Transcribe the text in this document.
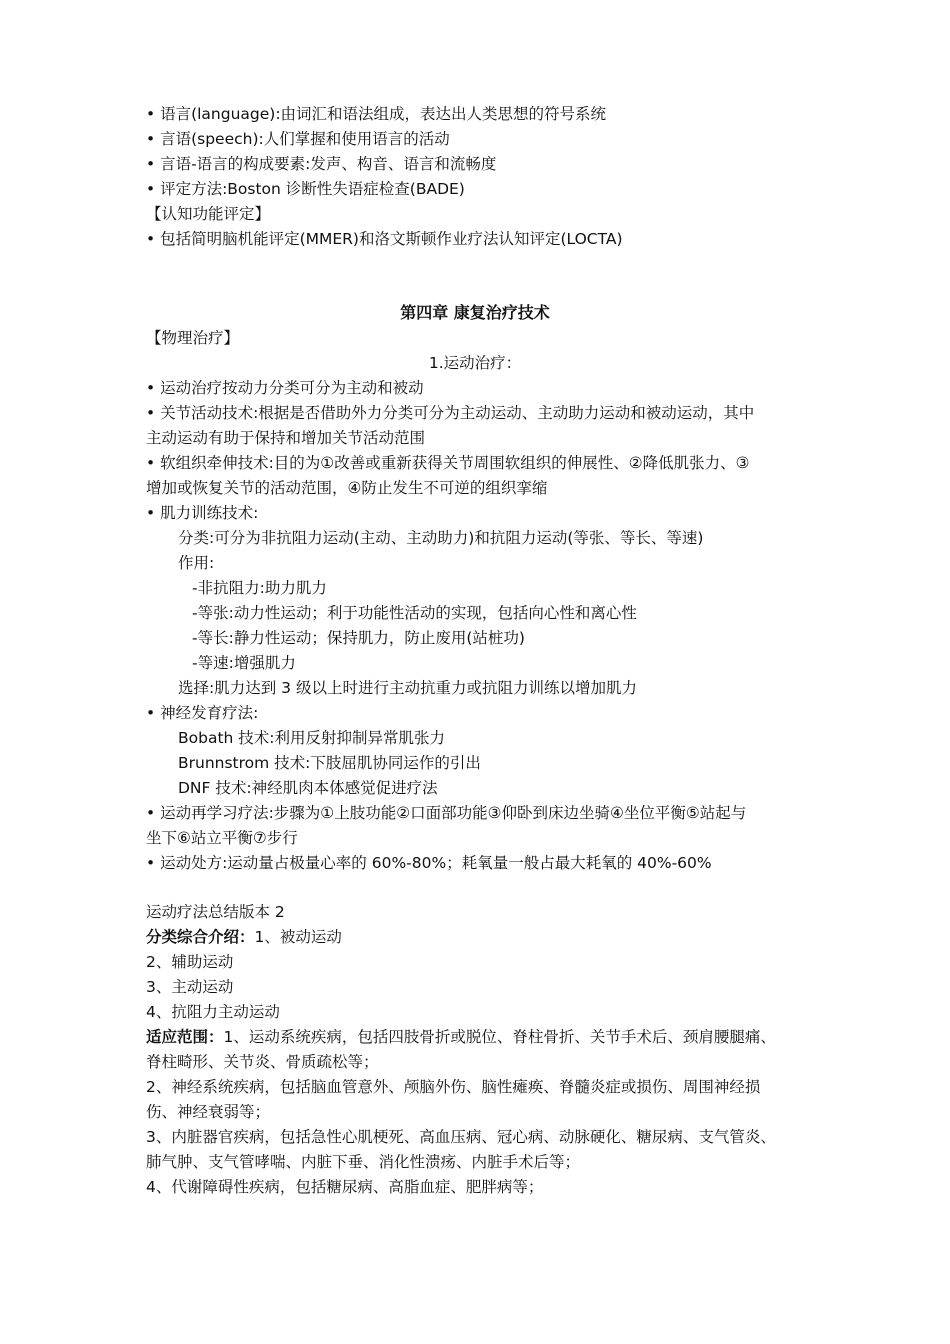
• 语言(language):由词汇和语法组成，表达出人类思想的符号系统
• 言语(speech):人们掌握和使用语言的活动
• 言语-语言的构成要素:发声、构音、语言和流畅度
• 评定方法:Boston 诊断性失语症检查(BADE)
【认知功能评定】
• 包括简明脑机能评定(MMER)和洛文斯顿作业疗法认知评定(LOCTA)
第四章 康复治疗技术
【物理治疗】
1.运动治疗：
• 运动治疗按动力分类可分为主动和被动
• 关节活动技术:根据是否借助外力分类可分为主动运动、主动助力运动和被动运动，其中
主动运动有助于保持和增加关节活动范围
• 软组织牵伸技术:目的为①改善或重新获得关节周围软组织的伸展性、②降低肌张力、③
增加或恢复关节的活动范围，④防止发生不可逆的组织挛缩
• 肌力训练技术:
分类:可分为非抗阻力运动(主动、主动助力)和抗阻力运动(等张、等长、等速)
作用:
-非抗阻力:助力肌力
-等张:动力性运动；利于功能性活动的实现，包括向心性和离心性
-等长:静力性运动；保持肌力，防止废用(站桩功)
-等速:增强肌力
选择:肌力达到 3 级以上时进行主动抗重力或抗阻力训练以增加肌力
• 神经发育疗法:
Bobath 技术:利用反射抑制异常肌张力
Brunnstrom 技术:下肢屈肌协同运作的引出
DNF 技术:神经肌肉本体感觉促进疗法
• 运动再学习疗法:步骤为①上肢功能②口面部功能③仰卧到床边坐骑④坐位平衡⑤站起与
坐下⑥站立平衡⑦步行
• 运动处方:运动量占极量心率的 60%-80%；耗氧量一般占最大耗氧的 40%-60%
运动疗法总结版本 2
分类综合介绍：1、被动运动
2、辅助运动
3、主动运动
4、抗阻力主动运动
适应范围：1、运动系统疾病，包括四肢骨折或脱位、脊柱骨折、关节手术后、颈肩腰腿痛、
脊柱畸形、关节炎、骨质疏松等；
2、神经系统疾病，包括脑血管意外、颅脑外伤、脑性瘫痪、脊髓炎症或损伤、周围神经损
伤、神经衰弱等；
3、内脏器官疾病，包括急性心肌梗死、高血压病、冠心病、动脉硬化、糖尿病、支气管炎、
肺气肿、支气管哮喘、内脏下垂、消化性溃疡、内脏手术后等；
4、代谢障碍性疾病，包括糖尿病、高脂血症、肥胖病等；
